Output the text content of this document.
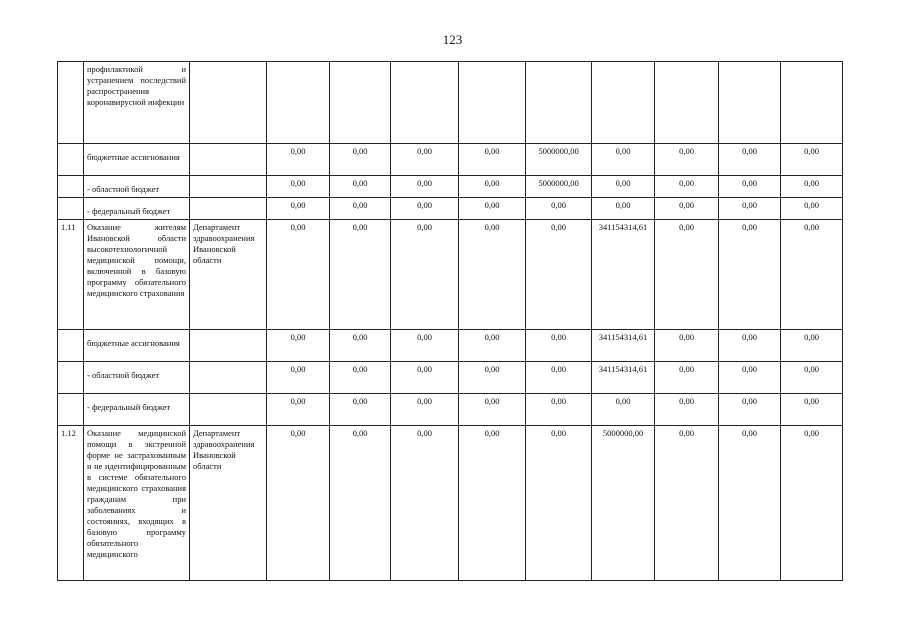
123
	профилактикой и устранением последствий распространения коронавирусной инфекции										
	бюджетные ассигнования		0,00	0,00	0,00	0,00	5000000,00	0,00	0,00	0,00	0,00
	- областной бюджет		0,00	0,00	0,00	0,00	5000000,00	0,00	0,00	0,00	0,00
	- федеральный бюджет		0,00	0,00	0,00	0,00	0,00	0,00	0,00	0,00	0,00
1.11	Оказание жителям Ивановской области высокотехнологичной медицинской помощи, включенной в базовую программу обязательного медицинского страхования	Департамент здравоохранения Ивановской области	0,00	0,00	0,00	0,00	0,00	341154314,61	0,00	0,00	0,00
	бюджетные ассигнования		0,00	0,00	0,00	0,00	0,00	341154314,61	0,00	0,00	0,00
	- областной бюджет		0,00	0,00	0,00	0,00	0,00	341154314,61	0,00	0,00	0,00
	- федеральный бюджет		0,00	0,00	0,00	0,00	0,00	0,00	0,00	0,00	0,00
1.12	Оказание медицинской помощи в экстренной форме не застрахованным и не идентифицированным в системе обязательного медицинского страхования гражданам при заболеваниях и состояниях, входящих в базовую программу обязательного медицинского	Департамент здравоохранения Ивановской области	0,00	0,00	0,00	0,00	0,00	5000000,00	0,00	0,00	0,00
